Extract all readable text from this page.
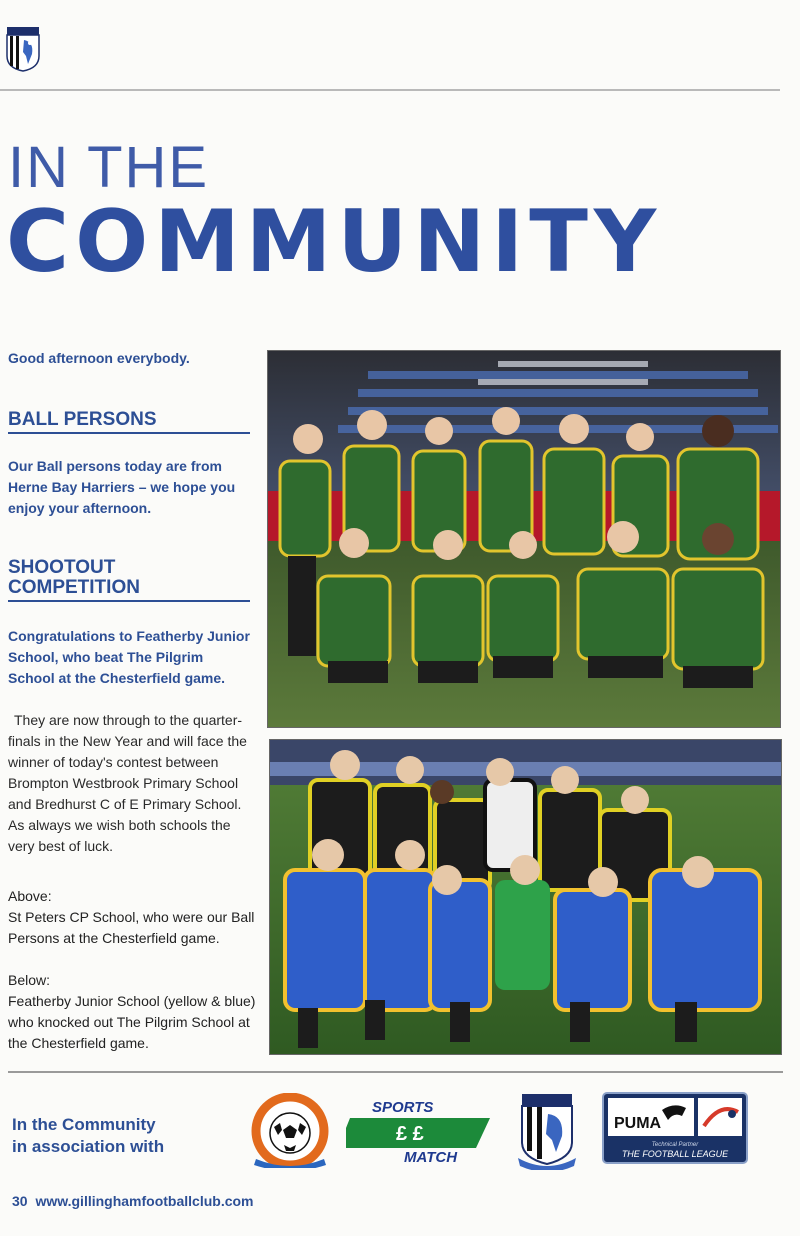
IN THE
COMMUNITY

Good afternoon everybody.

BALL PERSONS

Our Ball persons today are from Herne Bay Harriers – we hope you enjoy your afternoon.

SHOOTOUT
COMPETITION

Congratulations to Featherby Junior School, who beat The Pilgrim School at the Chesterfield game.

They are now through to the quarter-finals in the New Year and will face the winner of today's contest between Brompton Westbrook Primary School and Bredhurst C of E Primary School. As always we wish both schools the very best of luck.

Above:

St Peters CP School, who were our Ball Persons at the Chesterfield game.

Below:

Featherby Junior School (yellow & blue) who knocked out The Pilgrim School at the Chesterfield game.

In the Community
in association with

SPORTS
£ £
MATCH
PUMA
Technical Partner
THE FOOTBALL LEAGUE
30 www.gillinghamfootballclub.com
